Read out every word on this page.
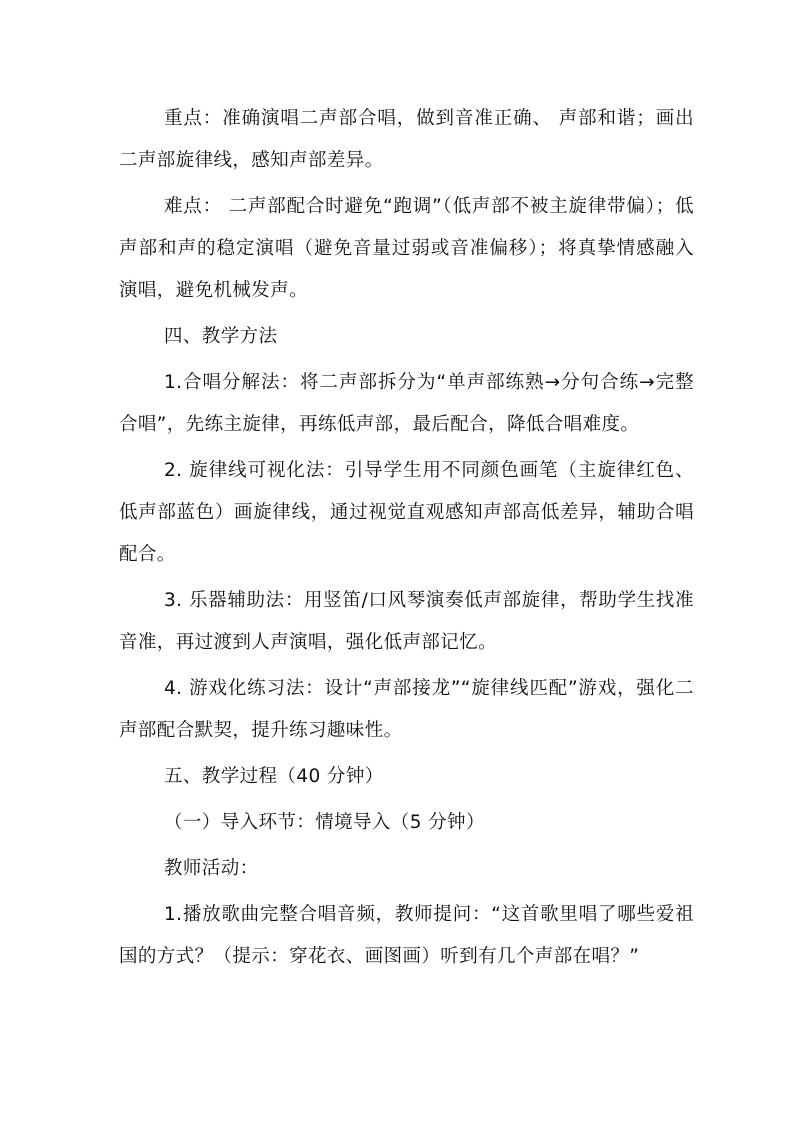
重点：准确演唱二声部合唱，做到音准正确、 声部和谐；画出二声部旋律线，感知声部差异。

难点： 二声部配合时避免“跑调”（低声部不被主旋律带偏）；低声部和声的稳定演唱（避免音量过弱或音准偏移）；将真挚情感融入演唱，避免机械发声。

四、教学方法

1.合唱分解法：将二声部拆分为“单声部练熟→分句合练→完整合唱”，先练主旋律，再练低声部，最后配合，降低合唱难度。

2. 旋律线可视化法：引导学生用不同颜色画笔（主旋律红色、低声部蓝色）画旋律线，通过视觉直观感知声部高低差异，辅助合唱配合。

3. 乐器辅助法：用竖笛/口风琴演奏低声部旋律，帮助学生找准音准，再过渡到人声演唱，强化低声部记忆。

4. 游戏化练习法：设计“声部接龙”“旋律线匹配”游戏，强化二声部配合默契，提升练习趣味性。

五、教学过程（40 分钟）

（一）导入环节：情境导入（5 分钟）

教师活动：

1.播放歌曲完整合唱音频，教师提问：“这首歌里唱了哪些爱祖国的方式？（提示：穿花衣、画图画）听到有几个声部在唱？”
